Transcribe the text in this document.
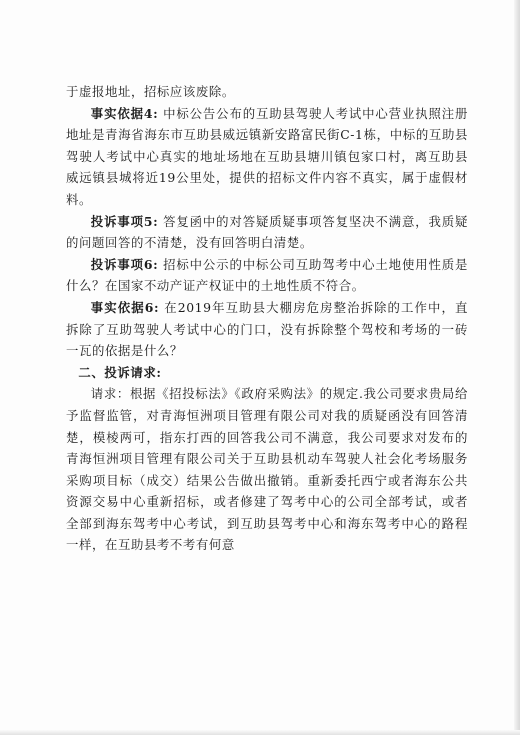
于虚报地址，招标应该废除。

事实依据4: 中标公告公布的互助县驾驶人考试中心营业执照注册地址是青海省海东市互助县威远镇新安路富民街C-1栋，中标的互助县驾驶人考试中心真实的地址场地在互助县塘川镇包家口村，离互助县威远镇县城将近19公里处，提供的招标文件内容不真实，属于虚假材料。

投诉事项5: 答复函中的对答疑质疑事项答复坚决不满意，我质疑的问题回答的不清楚，没有回答明白清楚。

投诉事项6: 招标中公示的中标公司互助驾考中心土地使用性质是什么？在国家不动产证产权证中的土地性质不符合。

事实依据6: 在2019年互助县大棚房危房整治拆除的工作中，直拆除了互助驾驶人考试中心的门口，没有拆除整个驾校和考场的一砖一瓦的依据是什么？

二、投诉请求:

请求：根据《招投标法》《政府采购法》的规定.我公司要求贵局给予监督监管，对青海恒洲项目管理有限公司对我的质疑函没有回答清楚，模棱两可，指东打西的回答我公司不满意，我公司要求对发布的青海恒洲项目管理有限公司关于互助县机动车驾驶人社会化考场服务采购项目标（成交）结果公告做出撤销。重新委托西宁或者海东公共资源交易中心重新招标，或者修建了驾考中心的公司全部考试，或者全部到海东驾考中心考试，到互助县驾考中心和海东驾考中心的路程一样，在互助县考不考有何意
